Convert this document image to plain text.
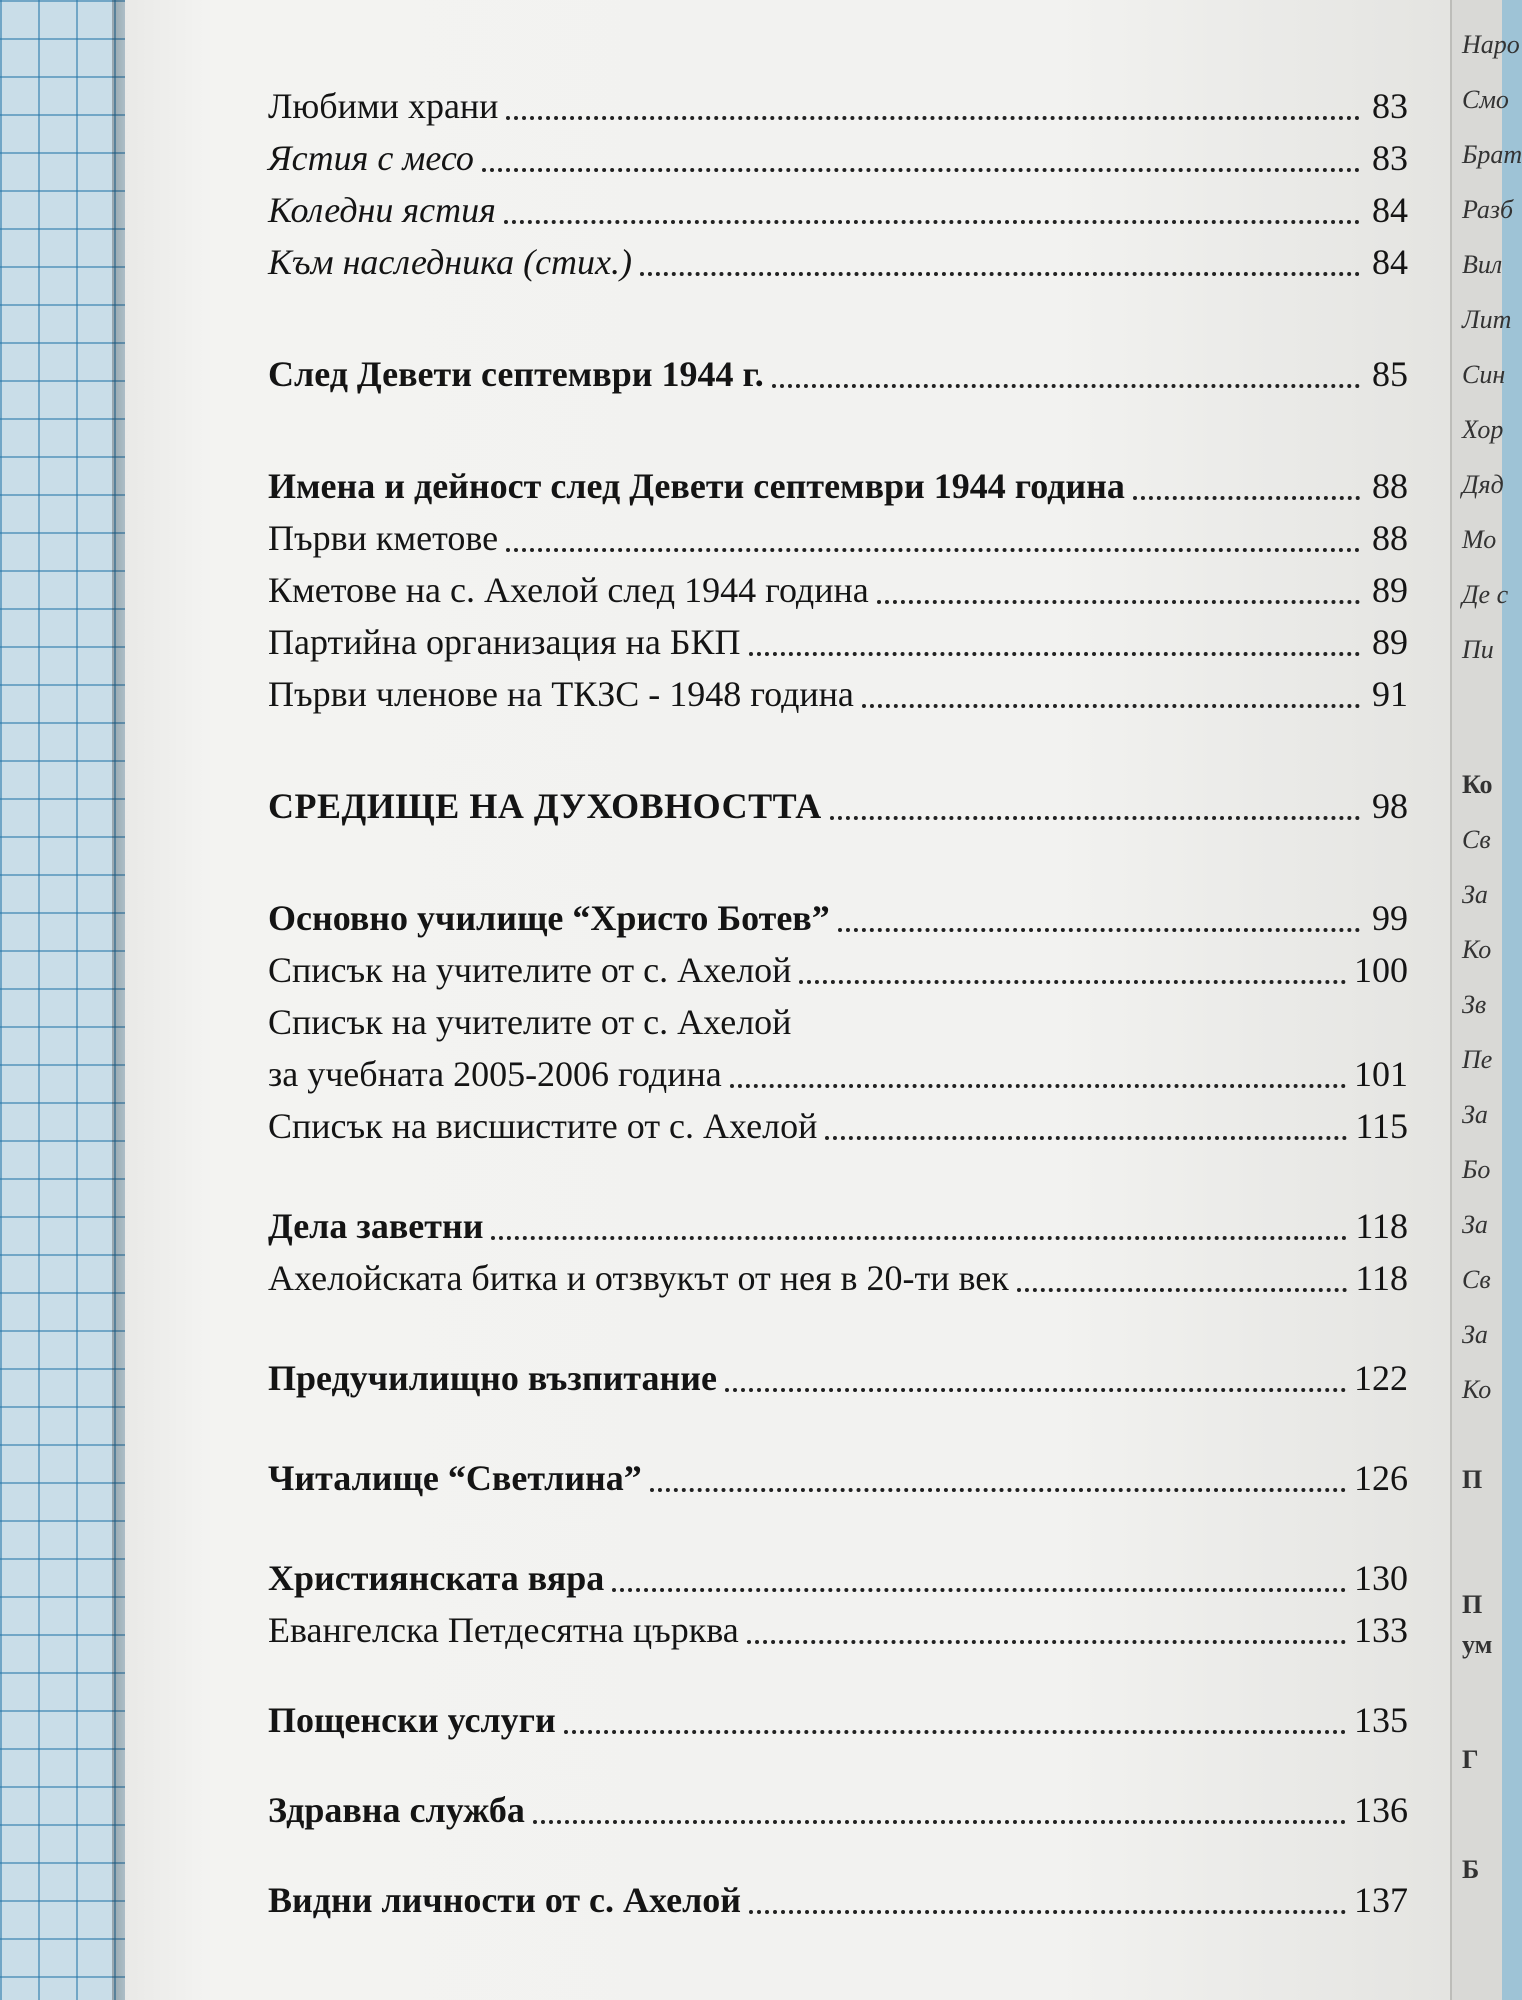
Наро
Смо
Брат
Разб
Вил
Лит
Син
Хор
Дяд
Мо
Де с
Пи
Ко
Св
За
Ко
Зв
Пе
За
Бо
За
Св
За
Ко
П
П
ум
Г
Б
Любими храни	83
Ястия с месо	83
Коледни ястия	84
Към наследника (стих.)	84
След Девети септември 1944 г.	85
Имена и дейност след Девети септември 1944 година	88
Първи кметове	88
Кметове на с. Ахелой след 1944 година	89
Партийна организация на БКП	89
Първи членове на ТКЗС - 1948 година	91
СРЕДИЩЕ НА ДУХОВНОСТТА	98
Основно училище “Христо Ботев”	99
Списък на учителите от с. Ахелой	100
Списък на учителите от с. Ахелой
за учебната 2005-2006 година	101
Списък на висшистите от с. Ахелой	115
Дела заветни	118
Ахелойската битка и отзвукът от нея в 20-ти век	118
Предучилищно възпитание	122
Читалище “Светлина”	126
Християнската вяра	130
Евангелска Петдесятна църква	133
Пощенски услуги	135
Здравна служба	136
Видни личности от с. Ахелой	137
